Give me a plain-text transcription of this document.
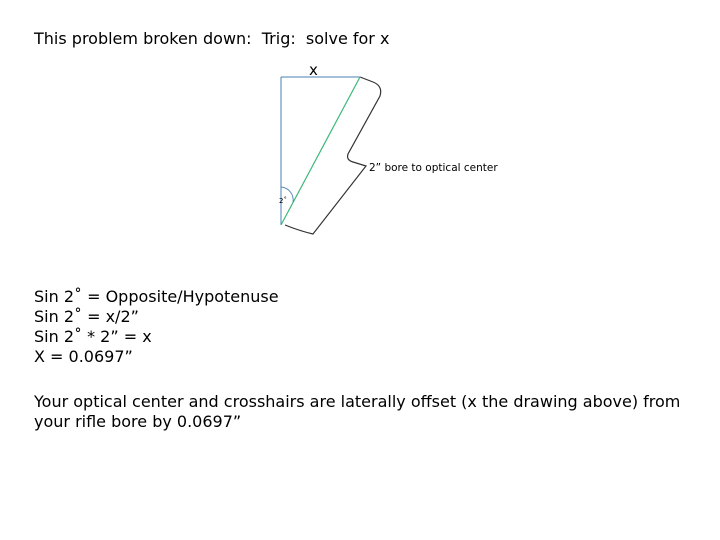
This problem broken down:  Trig:  solve for x
x
2˚
2” bore to optical center
Sin 2˚ = Opposite/Hypotenuse
Sin 2˚ = x/2”
Sin 2˚ * 2” = x
X = 0.0697”
Your optical center and crosshairs are laterally offset (x the drawing above) from your rifle bore by 0.0697”
